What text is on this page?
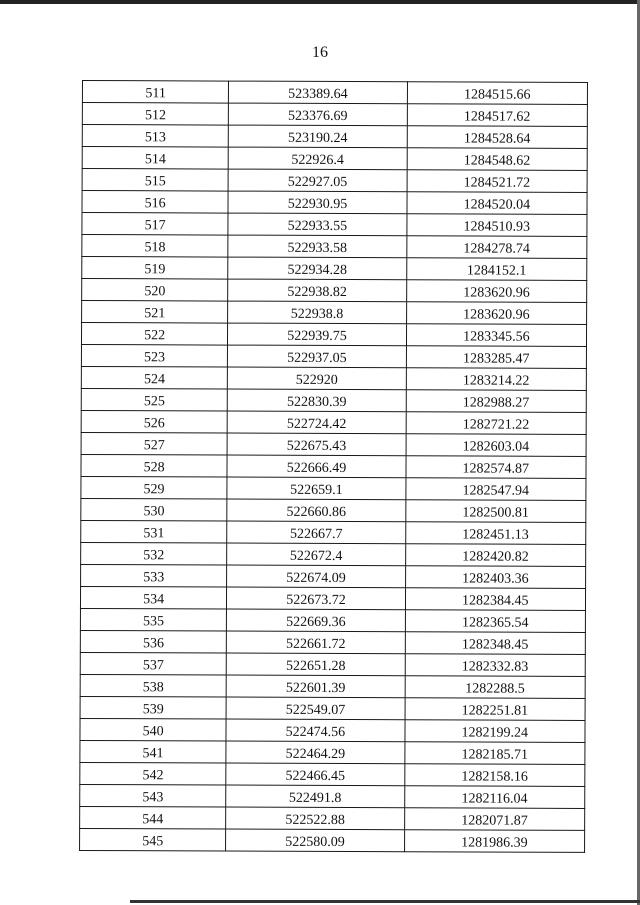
16
511	523389.64	1284515.66
512	523376.69	1284517.62
513	523190.24	1284528.64
514	522926.4	1284548.62
515	522927.05	1284521.72
516	522930.95	1284520.04
517	522933.55	1284510.93
518	522933.58	1284278.74
519	522934.28	1284152.1
520	522938.82	1283620.96
521	522938.8	1283620.96
522	522939.75	1283345.56
523	522937.05	1283285.47
524	522920	1283214.22
525	522830.39	1282988.27
526	522724.42	1282721.22
527	522675.43	1282603.04
528	522666.49	1282574.87
529	522659.1	1282547.94
530	522660.86	1282500.81
531	522667.7	1282451.13
532	522672.4	1282420.82
533	522674.09	1282403.36
534	522673.72	1282384.45
535	522669.36	1282365.54
536	522661.72	1282348.45
537	522651.28	1282332.83
538	522601.39	1282288.5
539	522549.07	1282251.81
540	522474.56	1282199.24
541	522464.29	1282185.71
542	522466.45	1282158.16
543	522491.8	1282116.04
544	522522.88	1282071.87
545	522580.09	1281986.39
